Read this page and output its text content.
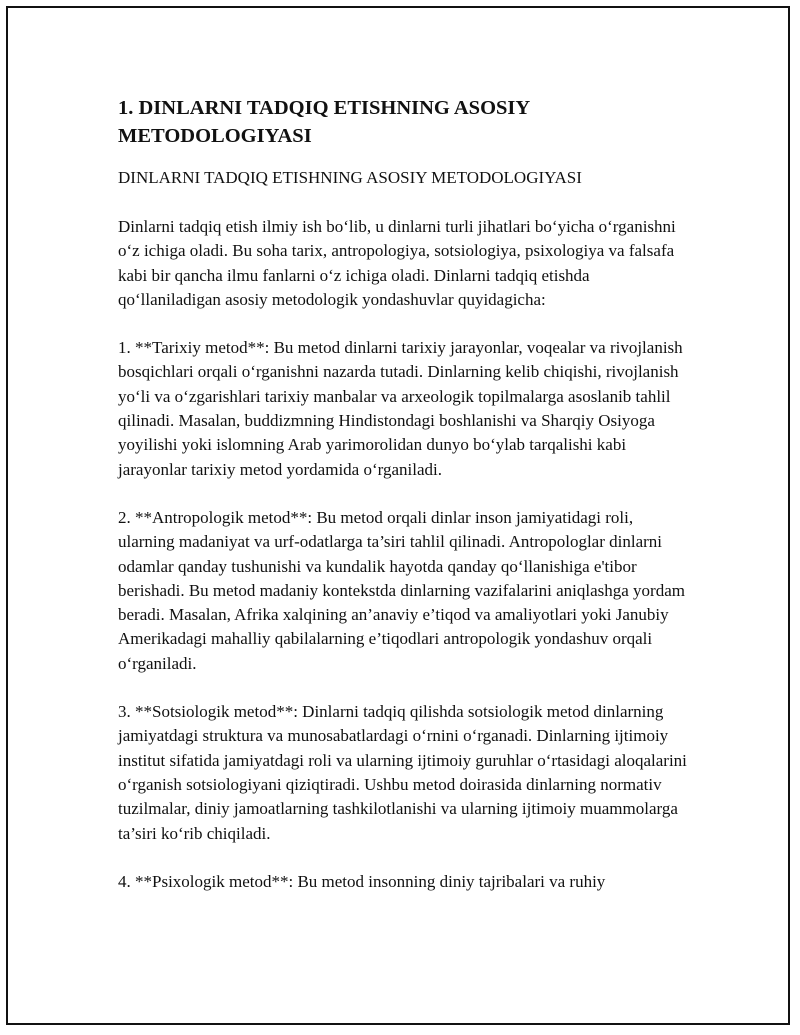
1. DINLARNI TADQIQ ETISHNING ASOSIY METODOLOGIYASI
DINLARNI TADQIQ ETISHNING ASOSIY METODOLOGIYASI

Dinlarni tadqiq etish ilmiy ish bo‘lib, u dinlarni turli jihatlari bo‘yicha o‘rganishni o‘z ichiga oladi. Bu soha tarix, antropologiya, sotsiologiya, psixologiya va falsafa kabi bir qancha ilmu fanlarni o‘z ichiga oladi. Dinlarni tadqiq etishda qo‘llaniladigan asosiy metodologik yondashuvlar quyidagicha:

1. **Tarixiy metod**: Bu metod dinlarni tarixiy jarayonlar, voqealar va rivojlanish bosqichlari orqali o‘rganishni nazarda tutadi. Dinlarning kelib chiqishi, rivojlanish yo‘li va o‘zgarishlari tarixiy manbalar va arxeologik topilmalarga asoslanib tahlil qilinadi. Masalan, buddizmning Hindistondagi boshlanishi va Sharqiy Osiyoga yoyilishi yoki islomning Arab yarimorolidan dunyo bo‘ylab tarqalishi kabi jarayonlar tarixiy metod yordamida o‘rganiladi.

2. **Antropologik metod**: Bu metod orqali dinlar inson jamiyatidagi roli, ularning madaniyat va urf-odatlarga ta’siri tahlil qilinadi. Antropologlar dinlarni odamlar qanday tushunishi va kundalik hayotda qanday qo‘llanishiga e'tibor berishadi. Bu metod madaniy kontekstda dinlarning vazifalarini aniqlashga yordam beradi. Masalan, Afrika xalqining an’anaviy e’tiqod va amaliyotlari yoki Janubiy Amerikadagi mahalliy qabilalarning e’tiqodlari antropologik yondashuv orqali o‘rganiladi.

3. **Sotsiologik metod**: Dinlarni tadqiq qilishda sotsiologik metod dinlarning jamiyatdagi struktura va munosabatlardagi o‘rnini o‘rganadi. Dinlarning ijtimoiy institut sifatida jamiyatdagi roli va ularning ijtimoiy guruhlar o‘rtasidagi aloqalarini o‘rganish sotsiologiyani qiziqtiradi. Ushbu metod doirasida dinlarning normativ tuzilmalar, diniy jamoatlarning tashkilotlanishi va ularning ijtimoiy muammolarga ta’siri ko‘rib chiqiladi.

4. **Psixologik metod**: Bu metod insonning diniy tajribalari va ruhiy
